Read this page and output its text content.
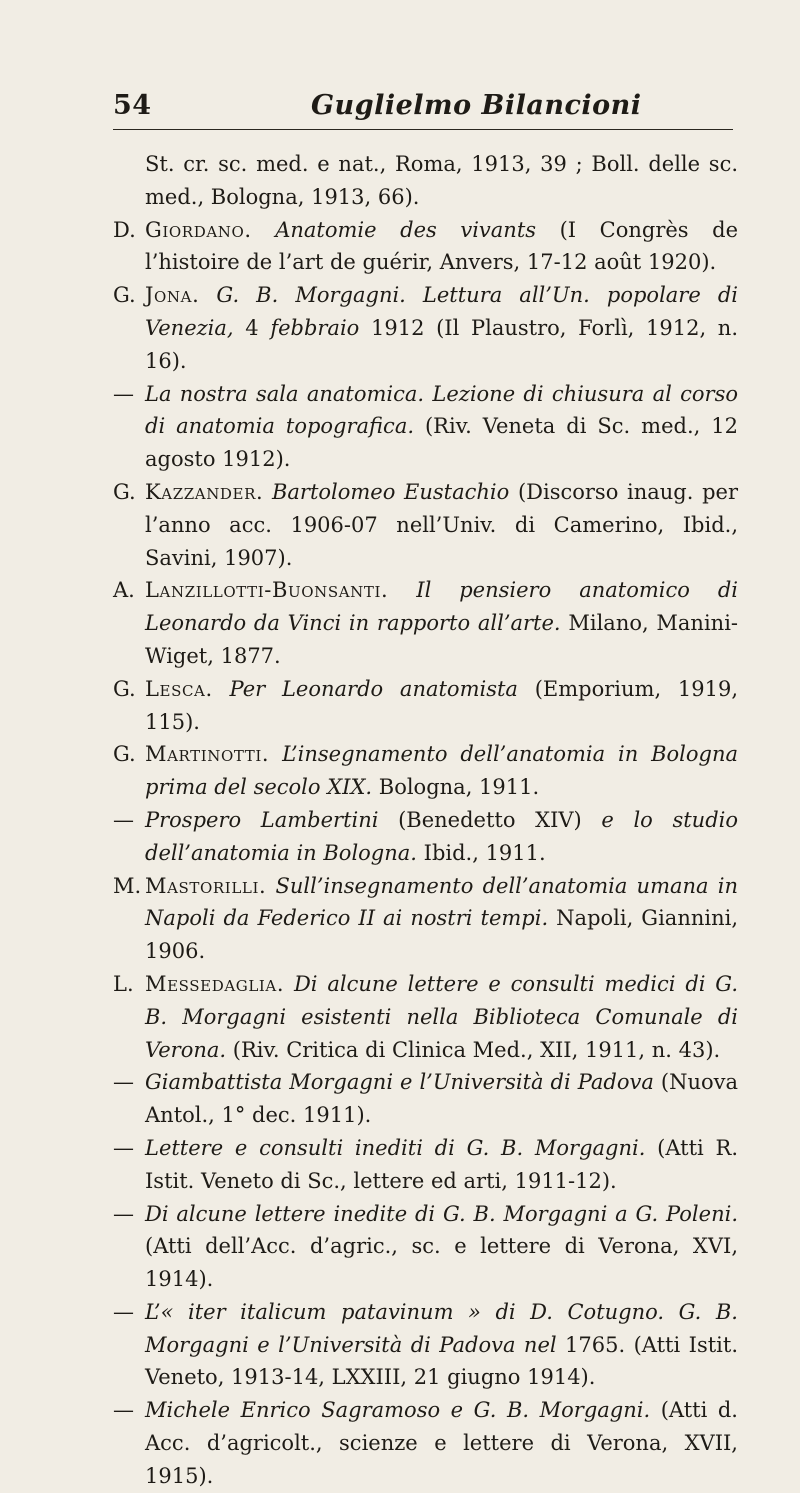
54	Guglielmo Bilancioni
St. cr. sc. med. e nat., Roma, 1913, 39 ; Boll. delle sc. med., Bologna, 1913, 66).
D. Giordano. Anatomie des vivants (I Congrès de l’histoire de l’art de guérir, Anvers, 17-12 août 1920).
G. Jona. G. B. Morgagni. Lettura all’Un. popolare di Venezia, 4 febbraio 1912 (Il Plaustro, Forlì, 1912, n. 16).
— La nostra sala anatomica. Lezione di chiusura al corso di anatomia topografica. (Riv. Veneta di Sc. med., 12 agosto 1912).
G. Kazzander. Bartolomeo Eustachio (Discorso inaug. per l’anno acc. 1906-07 nell’Univ. di Camerino, Ibid., Savini, 1907).
A. Lanzillotti-Buonsanti. Il pensiero anatomico di Leonardo da Vinci in rapporto all’arte. Milano, Manini-Wiget, 1877.
G. Lesca. Per Leonardo anatomista (Emporium, 1919, 115).
G. Martinotti. L’insegnamento dell’anatomia in Bologna prima del secolo XIX. Bologna, 1911.
— Prospero Lambertini (Benedetto XIV) e lo studio dell’anatomia in Bologna. Ibid., 1911.
M. Mastorilli. Sull’insegnamento dell’anatomia umana in Napoli da Federico II ai nostri tempi. Napoli, Giannini, 1906.
L. Messedaglia. Di alcune lettere e consulti medici di G. B. Morgagni esistenti nella Biblioteca Comunale di Verona. (Riv. Critica di Clinica Med., XII, 1911, n. 43).
— Giambattista Morgagni e l’Università di Padova (Nuova Antol., 1° dec. 1911).
— Lettere e consulti inediti di G. B. Morgagni. (Atti R. Istit. Veneto di Sc., lettere ed arti, 1911-12).
— Di alcune lettere inedite di G. B. Morgagni a G. Poleni. (Atti dell’Acc. d’agric., sc. e lettere di Verona, XVI, 1914).
— L’« iter italicum patavinum » di D. Cotugno. G. B. Morgagni e l’Università di Padova nel 1765. (Atti Istit. Veneto, 1913-14, LXXIII, 21 giugno 1914).
— Michele Enrico Sagramoso e G. B. Morgagni. (Atti d. Acc. d’agricolt., scienze e lettere di Verona, XVII, 1915).
